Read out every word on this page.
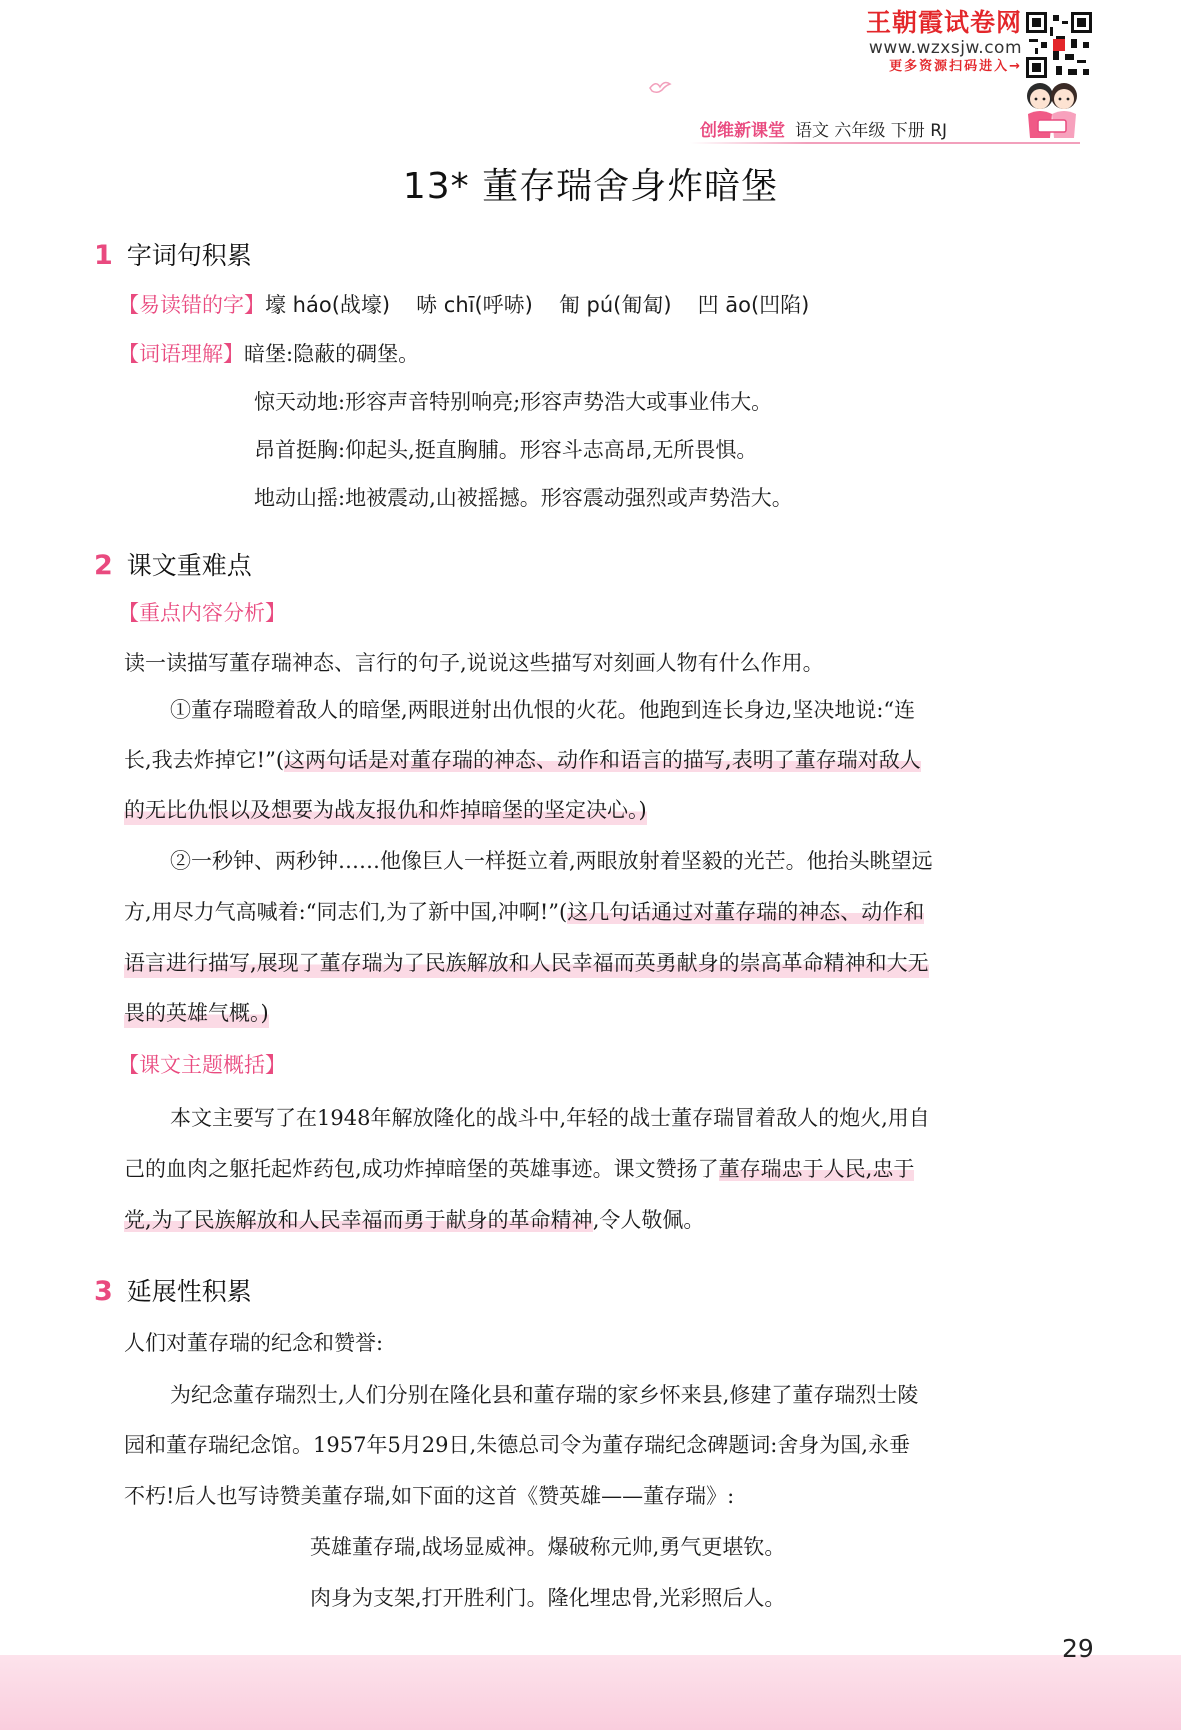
王朝霞试卷网
www.wzxsjw.com
更多资源扫码进入→
创维新课堂 语文 六年级 下册 RJ
13* 董存瑞舍身炸暗堡
1 字词句积累
【易读错的字】壕 háo(战壕) 哧 chī(呼哧) 匍 pú(匍匐) 凹 āo(凹陷)
【词语理解】暗堡:隐蔽的碉堡。
惊天动地:形容声音特别响亮;形容声势浩大或事业伟大。
昂首挺胸:仰起头,挺直胸脯。形容斗志高昂,无所畏惧。
地动山摇:地被震动,山被摇撼。形容震动强烈或声势浩大。
2 课文重难点
【重点内容分析】
读一读描写董存瑞神态、言行的句子,说说这些描写对刻画人物有什么作用。
①董存瑞瞪着敌人的暗堡,两眼迸射出仇恨的火花。他跑到连长身边,坚决地说:“连
长,我去炸掉它!”(这两句话是对董存瑞的神态、动作和语言的描写,表明了董存瑞对敌人
的无比仇恨以及想要为战友报仇和炸掉暗堡的坚定决心。)
②一秒钟、两秒钟……他像巨人一样挺立着,两眼放射着坚毅的光芒。他抬头眺望远
方,用尽力气高喊着:“同志们,为了新中国,冲啊!”(这几句话通过对董存瑞的神态、动作和
语言进行描写,展现了董存瑞为了民族解放和人民幸福而英勇献身的崇高革命精神和大无
畏的英雄气概。)
【课文主题概括】
本文主要写了在1948年解放隆化的战斗中,年轻的战士董存瑞冒着敌人的炮火,用自
己的血肉之躯托起炸药包,成功炸掉暗堡的英雄事迹。课文赞扬了董存瑞忠于人民,忠于
党,为了民族解放和人民幸福而勇于献身的革命精神,令人敬佩。
3 延展性积累
人们对董存瑞的纪念和赞誉:
为纪念董存瑞烈士,人们分别在隆化县和董存瑞的家乡怀来县,修建了董存瑞烈士陵
园和董存瑞纪念馆。1957年5月29日,朱德总司令为董存瑞纪念碑题词:舍身为国,永垂
不朽!后人也写诗赞美董存瑞,如下面的这首《赞英雄——董存瑞》:
英雄董存瑞,战场显威神。爆破称元帅,勇气更堪钦。
肉身为支架,打开胜利门。隆化埋忠骨,光彩照后人。
29
